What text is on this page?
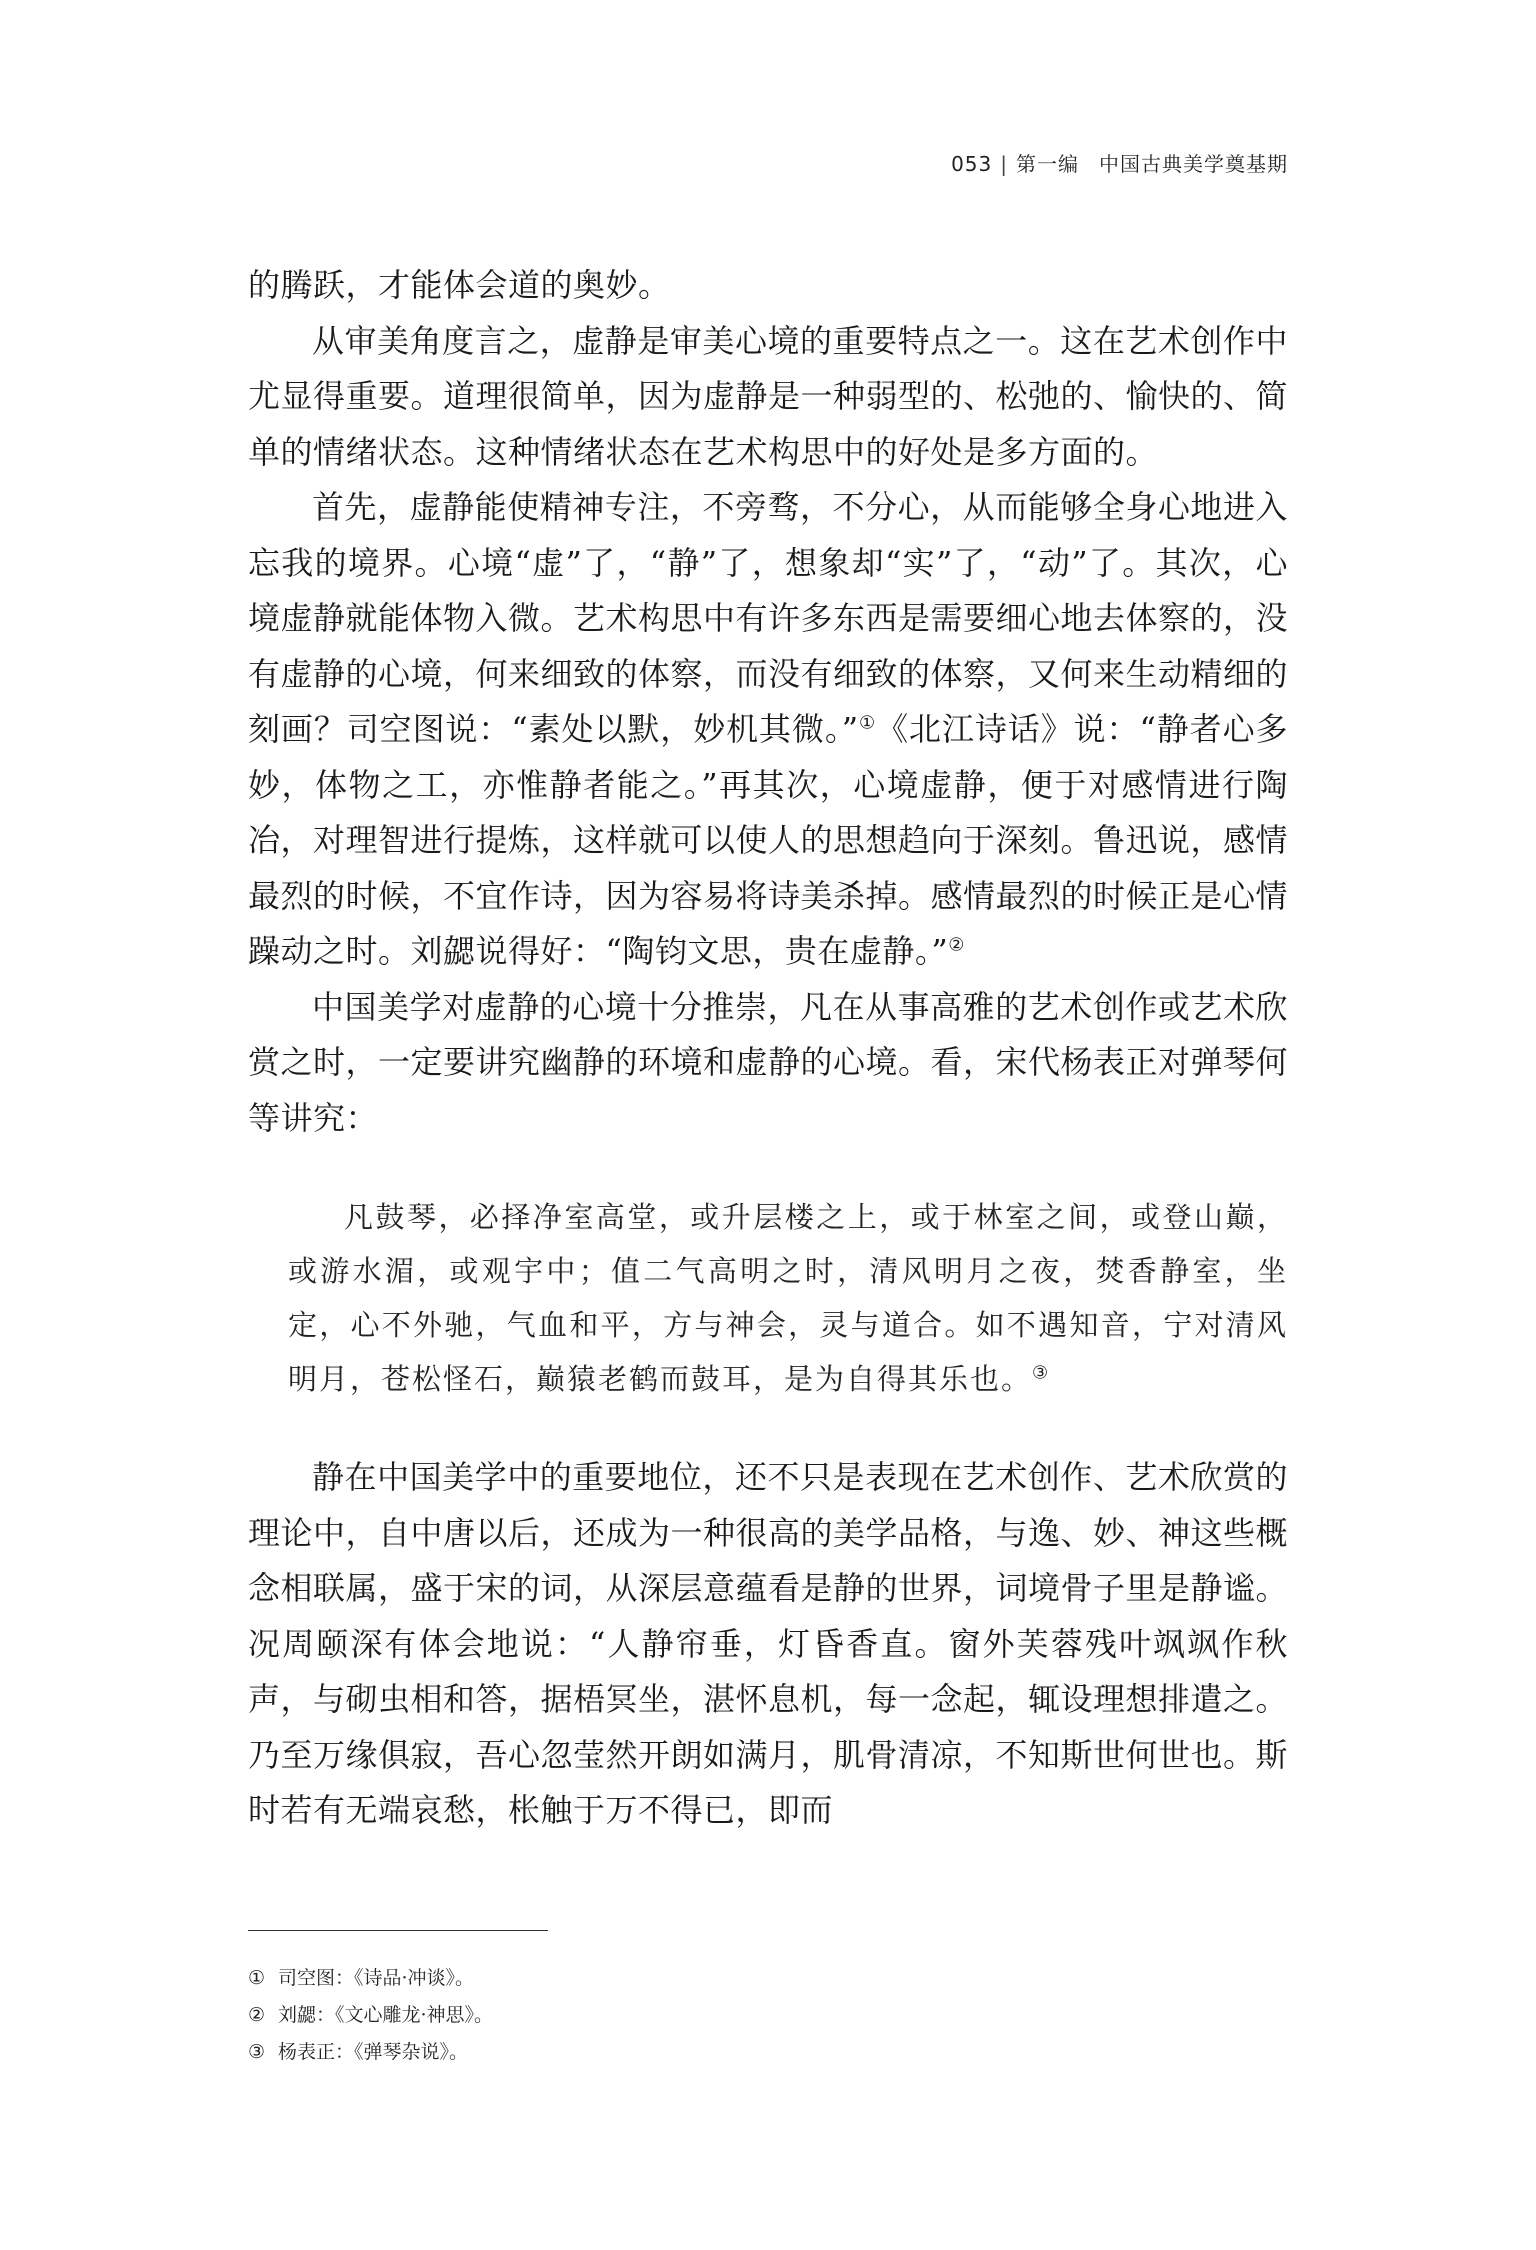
053 | 第一编 中国古典美学奠基期

的腾跃，才能体会道的奥妙。

从审美角度言之，虚静是审美心境的重要特点之一。这在艺术创作中尤显得重要。道理很简单，因为虚静是一种弱型的、松弛的、愉快的、简单的情绪状态。这种情绪状态在艺术构思中的好处是多方面的。

首先，虚静能使精神专注，不旁骛，不分心，从而能够全身心地进入忘我的境界。心境“虚”了，“静”了，想象却“实”了，“动”了。其次，心境虚静就能体物入微。艺术构思中有许多东西是需要细心地去体察的，没有虚静的心境，何来细致的体察，而没有细致的体察，又何来生动精细的刻画？司空图说：“素处以默，妙机其微。”①《北江诗话》说：“静者心多妙，体物之工，亦惟静者能之。”再其次，心境虚静，便于对感情进行陶冶，对理智进行提炼，这样就可以使人的思想趋向于深刻。鲁迅说，感情最烈的时候，不宜作诗，因为容易将诗美杀掉。感情最烈的时候正是心情躁动之时。刘勰说得好：“陶钧文思，贵在虚静。”②

中国美学对虚静的心境十分推崇，凡在从事高雅的艺术创作或艺术欣赏之时，一定要讲究幽静的环境和虚静的心境。看，宋代杨表正对弹琴何等讲究：

凡鼓琴，必择净室高堂，或升层楼之上，或于林室之间，或登山巅，或游水湄，或观宇中；值二气高明之时，清风明月之夜，焚香静室，坐定，心不外驰，气血和平，方与神会，灵与道合。如不遇知音，宁对清风明月，苍松怪石，巅猿老鹤而鼓耳，是为自得其乐也。③

静在中国美学中的重要地位，还不只是表现在艺术创作、艺术欣赏的理论中，自中唐以后，还成为一种很高的美学品格，与逸、妙、神这些概念相联属，盛于宋的词，从深层意蕴看是静的世界，词境骨子里是静谧。况周颐深有体会地说：“人静帘垂，灯昏香直。窗外芙蓉残叶飒飒作秋声，与砌虫相和答，据梧冥坐，湛怀息机，每一念起，辄设理想排遣之。乃至万缘俱寂，吾心忽莹然开朗如满月，肌骨清凉，不知斯世何世也。斯时若有无端哀愁，枨触于万不得已，即而

① 司空图：《诗品·冲谈》。
② 刘勰：《文心雕龙·神思》。
③ 杨表正：《弹琴杂说》。
